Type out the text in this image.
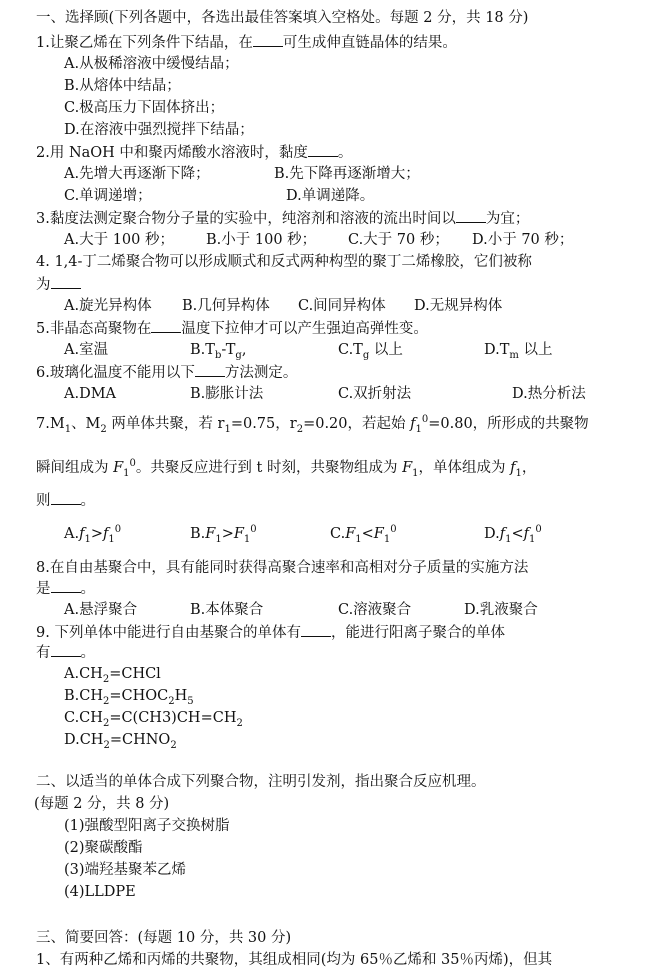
一、选择顾(下列各题中，各选出最佳答案填入空格处。每题 2 分，共 18 分)
1.让聚乙烯在下列条件下结晶，在 可生成伸直链晶体的结果。
A.从极稀溶液中缓慢结晶；
B.从熔体中结晶；
C.极高压力下固体挤出；
D.在溶液中强烈搅拌下结晶；
2.用 NaOH 中和聚丙烯酸水溶液时，黏度 。
A.先增大再逐渐下降；	B.先下降再逐渐增大；
C.单调递增；	D.单调递降。
3.黏度法测定聚合物分子量的实验中，纯溶剂和溶液的流出时间以 为宜；
A.大于 100 秒； B.小于 100 秒； C.大于 70 秒； D.小于 70 秒；
4. 1,4-丁二烯聚合物可以形成顺式和反式两种构型的聚丁二烯橡胶，它们被称
为
A.旋光异构体 B.几何异构体 C.间同异构体 D.无规异构体
5.非晶态高聚物在 温度下拉伸才可以产生强迫高弹性变。
A.室温	$B.T_b-T_g$,	$C.T_g$ 以上	$D.T_m$ 以上
6.玻璃化温度不能用以下 方法测定。
A.DMA	B.膨胀计法	C.双折射法	D.热分析法
$7.M_1$、$M_2$ 两单体共聚，若 $r_1=0.75$，$r_2=0.20$，若起始 $f_1^0=0.80$，所形成的共聚物
瞬间组成为 $F_1^0$。共聚反应进行到 t 时刻，共聚物组成为 $F_1$，单体组成为 $f_1$，
则 。
$A.f_1>f_1^0$	$B.F_1>F_1^0$	$C.F_1<F_1^0$	$D.f_1<f_1^0$
8.在自由基聚合中，具有能同时获得高聚合速率和高相对分子质量的实施方法
是 。
A.悬浮聚合	B.本体聚合	C.溶液聚合	D.乳液聚合
9. 下列单体中能进行自由基聚合的单体有 ，能进行阳离子聚合的单体
有 。
$A.CH_2=CHCl$
$B.CH_2=CHOC_2H_5$
$C.CH_2=C(CH3)CH=CH_2$
$D.CH_2=CHNO_2$
二、以适当的单体合成下列聚合物，注明引发剂，指出聚合反应机理。
(每题 2 分，共 8 分)
(1)强酸型阳离子交换树脂
(2)聚碳酸酯
(3)端羟基聚苯乙烯
(4)LLDPE
三、简要回答：(每题 10 分，共 30 分)
1、有两种乙烯和丙烯的共聚物，其组成相同(均为 65％乙烯和 35％丙烯)，但其
